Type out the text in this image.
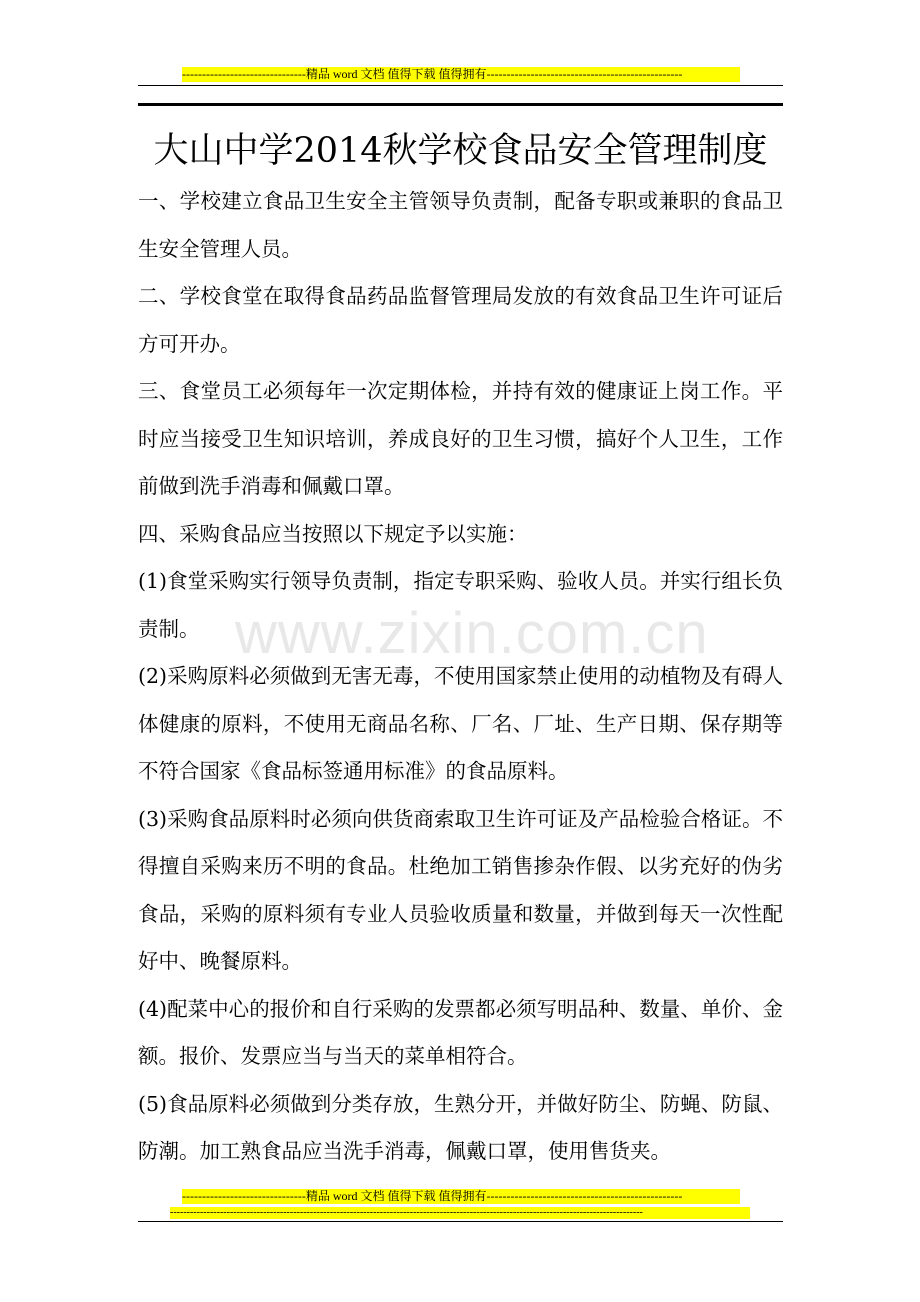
-------------------------------精品 word 文档 值得下载 值得拥有-------------------------------------------------
大山中学2014秋学校食品安全管理制度

一、学校建立食品卫生安全主管领导负责制，配备专职或兼职的食品卫生安全管理人员。

二、学校食堂在取得食品药品监督管理局发放的有效食品卫生许可证后方可开办。

三、食堂员工必须每年一次定期体检，并持有效的健康证上岗工作。平时应当接受卫生知识培训，养成良好的卫生习惯，搞好个人卫生，工作前做到洗手消毒和佩戴口罩。

四、采购食品应当按照以下规定予以实施：

(1)食堂采购实行领导负责制，指定专职采购、验收人员。并实行组长负责制。

(2)采购原料必须做到无害无毒，不使用国家禁止使用的动植物及有碍人体健康的原料，不使用无商品名称、厂名、厂址、生产日期、保存期等不符合国家《食品标签通用标准》的食品原料。

(3)采购食品原料时必须向供货商索取卫生许可证及产品检验合格证。不得擅自采购来历不明的食品。杜绝加工销售掺杂作假、以劣充好的伪劣食品，采购的原料须有专业人员验收质量和数量，并做到每天一次性配好中、晚餐原料。

(4)配菜中心的报价和自行采购的发票都必须写明品种、数量、单价、金额。报价、发票应当与当天的菜单相符合。

(5)食品原料必须做到分类存放，生熟分开，并做好防尘、防蝇、防鼠、防潮。加工熟食品应当洗手消毒，佩戴口罩，使用售货夹。

www.zixin.com.cn
-------------------------------精品 word 文档 值得下载 值得拥有-------------------------------------------------
----------------------------------------------------------------------------------------------------------------------------------------------
